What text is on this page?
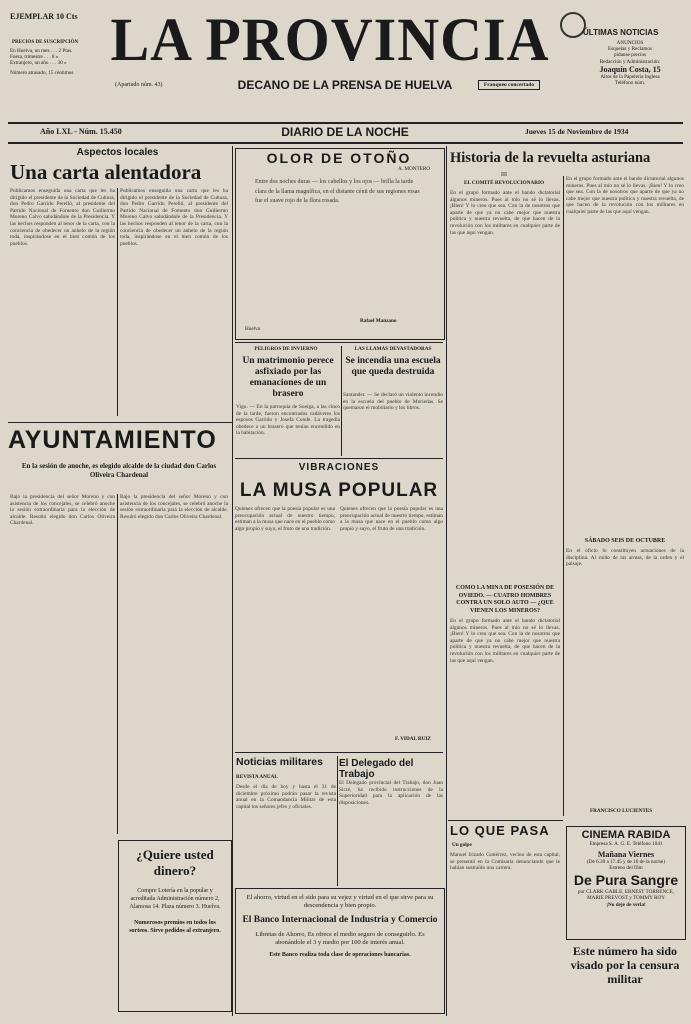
EJEMPLAR 10 Cts
PRECIOS DE SUSCRIPCIÓN
En Huelva, un mes . . . 2 Ptas.
Fuera, trimestre . . . 8 »
Extranjero, un año . . . 30 »
Número atrasado, 15 céntimos LA PROVINCIA
(Apartado núm. 43)	DECANO DE LA PRENSA DE HUELVA	Franqueo concertado
ÚLTIMAS NOTICIAS
ANUNCIOS
Esquelas y Reclamos
pídanse precios
Redacción y Administración:
Joaquín Costa, 15
Altos de la Papelería Inglesa
Teléfono núm.
Año LXL - Núm. 15.450	DIARIO DE LA NOCHE	Jueves 15 de Noviembre de 1934
Aspectos locales
Una carta alentadora
Publicamos enseguida una carta que les ha dirigido el presidente de la Sociedad de Cultura, don Pedro Garrido Perelló, al presidente del Partido Nacional de Fomento don Guillermo Moreno Calvo saludándole de la Presidencia. Y las hechos responden al tenor de la carta, con la conciencia de obedecer un anhelo de la región toda, inspirándose en el bien común de los pueblos.
Publicamos enseguida una carta que les ha dirigido el presidente de la Sociedad de Cultura, don Pedro Garrido Perelló, al presidente del Partido Nacional de Fomento don Guillermo Moreno Calvo saludándole de la Presidencia. Y las hechos responden al tenor de la carta, con la conciencia de obedecer un anhelo de la región toda, inspirándose en el bien común de los pueblos.
AYUNTAMIENTO
En la sesión de anoche, es elegido alcalde de la ciudad don Carlos Oliveira Chardenal
Bajo la presidencia del señor Moreno y con asistencia de los concejales, se celebró anoche la sesión extraordinaria para la elección de alcalde. Resultó elegido don Carlos Oliveira Chardenal.
Bajo la presidencia del señor Moreno y con asistencia de los concejales, se celebró anoche la sesión extraordinaria para la elección de alcalde. Resultó elegido don Carlos Oliveira Chardenal.
¿Quiere usted dinero?
Compre Lotería en la popular y acreditada Administración número 2, Alamosa 14. Plaza número 3. Huelva.
Numerosos premios en todos los sorteos. Sirve pedidos al extranjero.
OLOR DE OTOÑO
A. MONTERO
Entre dos noches duras — los cabellos y los ojos — brilla la tarde clara de la llama magnífica, en el distante cénit de sus regiones rosas fue el suave rojo de la flora rosada.
Huelva
Rafael Manzano
PELIGROS DE INVIERNO
Un matrimonio perece asfixiado por las emanaciones de un brasero
Vigo. — En la parroquia de Sueiga, a las cinco de la tarde, fueron encontrados cadáveres los esposos Garrido y Josefa Conde. La tragedia obedece a un brasero que tenían encendido en la habitación.
LAS LLAMAS DEVASTADORAS
Se incendia una escuela que queda destruida
Santander. — Se declaró un violento incendio en la escuela del pueblo de Muriedas. Se quemaron el mobiliario y los libros.
VIBRACIONES
LA MUSA POPULAR
Quienes ofrecen que la poesía popular es una preocupación actual de nuestro tiempo, estiman a la musa que nace en el pueblo como algo propio y suyo, el fruto de una tradición.
Quienes ofrecen que la poesía popular es una preocupación actual de nuestro tiempo, estiman a la musa que nace en el pueblo como algo propio y suyo, el fruto de una tradición.
F. VIDAL RUIZ
Noticias militares
REVISTA ANUAL
Desde el día de hoy y hasta el 31 de diciembre próximo podrán pasar la revista anual en la Comandancia Militar de esta capital los señores jefes y oficiales.
El Delegado del Trabajo
El Delegado provincial del Trabajo, don Juan Sicré, ha recibido instrucciones de la Superioridad para la aplicación de las disposiciones.
El ahorro, virtud en el sido para su vejez y virtud en el que sirve para su descendencia y bien propio.
El Banco Internacional de Industria y Comercio
Libretas de Ahorro, Es ofrece el medio seguro de conseguirlo. Es abonándole el 3 y medio por 100 de interés anual.
Este Banco realiza toda clase de operaciones bancarias.
Historia de la revuelta asturiana
III
EL COMITÉ REVOLUCIONARIO
En el grupo formado ante el bando dictatorial algunos mineros. Pues al mío no sé lo llevas. ¡Bien! Y lo creo que sea. Con la de nosotros que aparte de que ya no cabe mejor que nuestra política y nuestra revuelta, de que hacen de la revolución con los militares en cualquier parte de las que aquí vengan.
En el grupo formado ante el bando dictatorial algunos mineros. Pues al mío no sé lo llevas. ¡Bien! Y lo creo que sea. Con la de nosotros que aparte de que ya no cabe mejor que nuestra política y nuestra revuelta, de que hacen de la revolución con los militares en cualquier parte de las que aquí vengan.
COMO LA MINA DE POSESIÓN DE OVIEDO. — CUATRO HOMBRES CONTRA UN SOLO AUTO — ¿QUE VIENEN LOS MINEROS?
En el grupo formado ante el bando dictatorial algunos mineros. Pues al mío no sé lo llevas. ¡Bien! Y lo creo que sea. Con la de nosotros que aparte de que ya no cabe mejor que nuestra política y nuestra revuelta, de que hacen de la revolución con los militares en cualquier parte de las que aquí vengan.
SÁBADO SEIS DE OCTUBRE
En el oficio lo constituyen actuaciones de la disciplina. Al ruido de las armas, de la orden y el paisaje.
FRANCISCO LUCIENTES
LO QUE PASA
Un golpe
Manuel Irizado Gutiérrez, vecino de esta capital, se presentó en la Comisaría denunciando que le habían sustraído una cartera.
CINEMA RABIDA
Empresa S. A. G. E. Teléfono 1041
Mañana Viernes
(De 6.30 a 17.45 y de 10 de la noche)
Estreno del film
De Pura Sangre
por CLARK GABLE, ERNEST TORRENCE, MARIE PREVOST y TOMMY ROY
¡No deje de verla!
Este número ha sido visado por la censura militar
